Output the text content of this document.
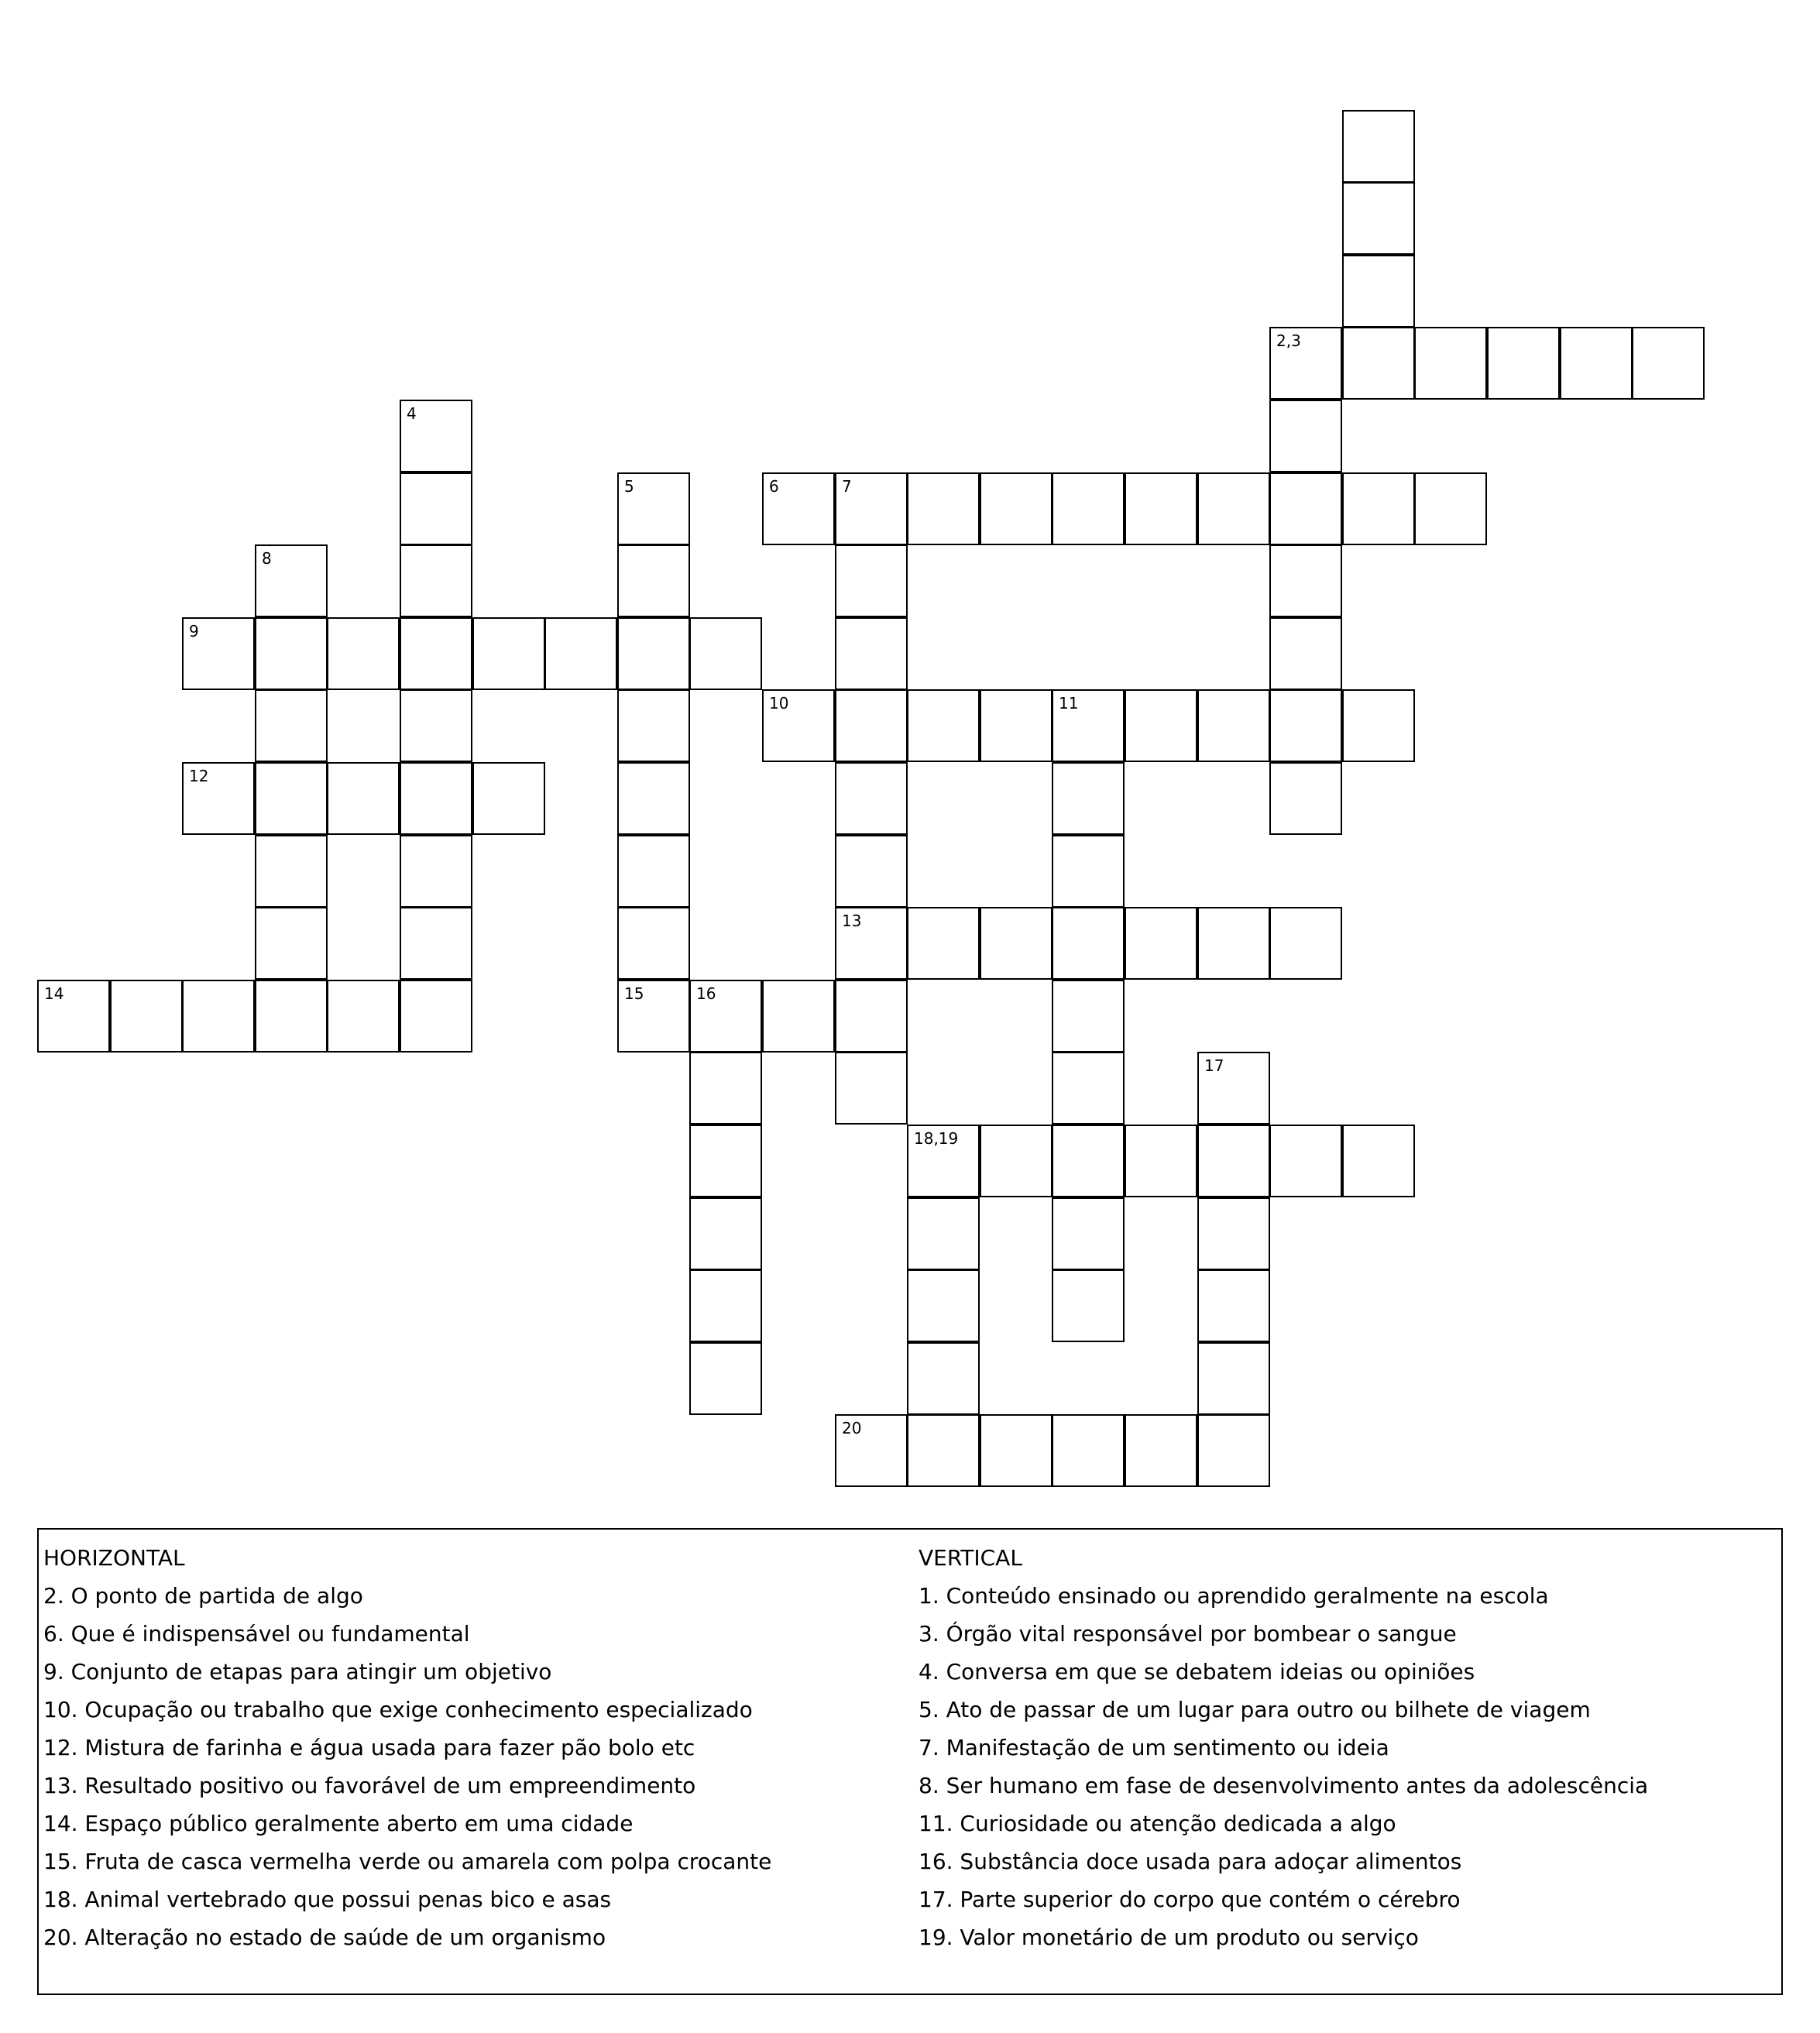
2,3
4
5	6	7
8
9
10	11
12
13
14	15	16
17
18,19
20
HORIZONTAL
2. O ponto de partida de algo
6. Que é indispensável ou fundamental
9. Conjunto de etapas para atingir um objetivo
10. Ocupação ou trabalho que exige conhecimento especializado
12. Mistura de farinha e água usada para fazer pão bolo etc
13. Resultado positivo ou favorável de um empreendimento
14. Espaço público geralmente aberto em uma cidade
15. Fruta de casca vermelha verde ou amarela com polpa crocante
18. Animal vertebrado que possui penas bico e asas
20. Alteração no estado de saúde de um organismo
VERTICAL
1. Conteúdo ensinado ou aprendido geralmente na escola
3. Órgão vital responsável por bombear o sangue
4. Conversa em que se debatem ideias ou opiniões
5. Ato de passar de um lugar para outro ou bilhete de viagem
7. Manifestação de um sentimento ou ideia
8. Ser humano em fase de desenvolvimento antes da adolescência
11. Curiosidade ou atenção dedicada a algo
16. Substância doce usada para adoçar alimentos
17. Parte superior do corpo que contém o cérebro
19. Valor monetário de um produto ou serviço
